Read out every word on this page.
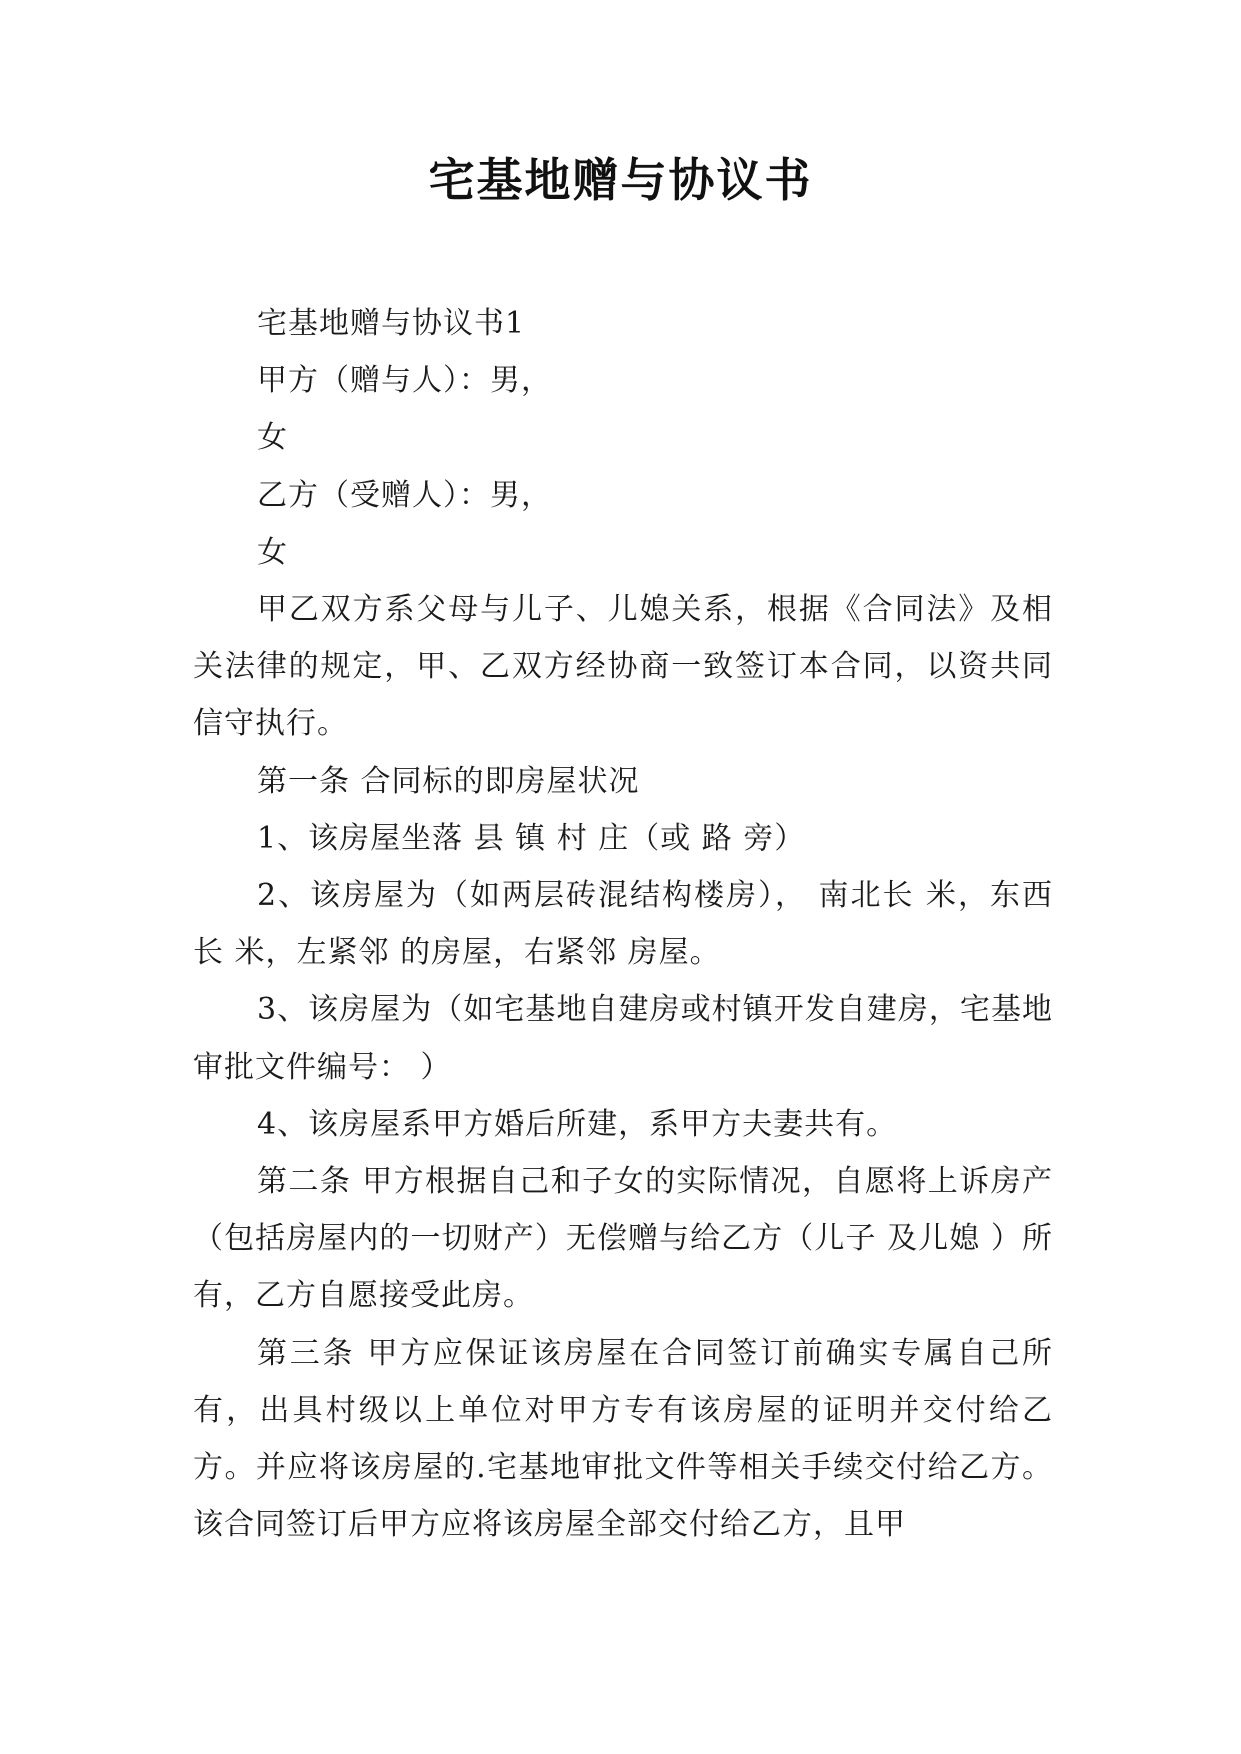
宅基地赠与协议书

宅基地赠与协议书1

甲方（赠与人）：男，

女

乙方（受赠人）：男，

女

甲乙双方系父母与儿子、儿媳关系，根据《合同法》及相关法律的规定，甲、乙双方经协商一致签订本合同，以资共同信守执行。

第一条 合同标的即房屋状况

1、该房屋坐落 县 镇 村 庄（或 路 旁）

2、该房屋为（如两层砖混结构楼房）， 南北长 米，东西长 米，左紧邻 的房屋，右紧邻 房屋。

3、该房屋为（如宅基地自建房或村镇开发自建房，宅基地审批文件编号： ）

4、该房屋系甲方婚后所建，系甲方夫妻共有。

第二条 甲方根据自己和子女的实际情况，自愿将上诉房产（包括房屋内的一切财产）无偿赠与给乙方（儿子 及儿媳 ）所有，乙方自愿接受此房。

第三条 甲方应保证该房屋在合同签订前确实专属自己所有，出具村级以上单位对甲方专有该房屋的证明并交付给乙方。并应将该房屋的.宅基地审批文件等相关手续交付给乙方。该合同签订后甲方应将该房屋全部交付给乙方，且甲
